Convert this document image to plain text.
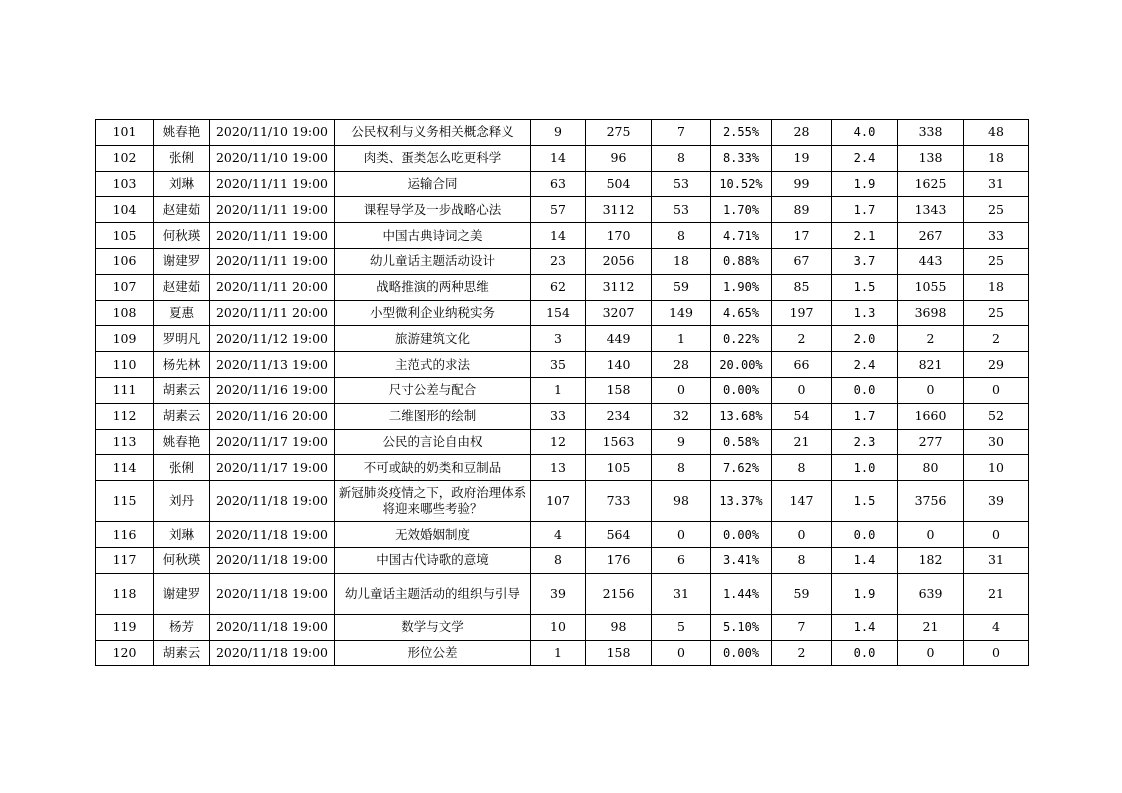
101	姚春艳	2020/11/10 19:00	公民权利与义务相关概念释义	9	275	7	2.55%	28	4.0	338	48
102	张俐	2020/11/10 19:00	肉类、蛋类怎么吃更科学	14	96	8	8.33%	19	2.4	138	18
103	刘琳	2020/11/11 19:00	运输合同	63	504	53	10.52%	99	1.9	1625	31
104	赵建茹	2020/11/11 19:00	课程导学及一步战略心法	57	3112	53	1.70%	89	1.7	1343	25
105	何秋瑛	2020/11/11 19:00	中国古典诗词之美	14	170	8	4.71%	17	2.1	267	33
106	谢建罗	2020/11/11 19:00	幼儿童话主题活动设计	23	2056	18	0.88%	67	3.7	443	25
107	赵建茹	2020/11/11 20:00	战略推演的两种思维	62	3112	59	1.90%	85	1.5	1055	18
108	夏惠	2020/11/11 20:00	小型微利企业纳税实务	154	3207	149	4.65%	197	1.3	3698	25
109	罗明凡	2020/11/12 19:00	旅游建筑文化	3	449	1	0.22%	2	2.0	2	2
110	杨先林	2020/11/13 19:00	主范式的求法	35	140	28	20.00%	66	2.4	821	29
111	胡素云	2020/11/16 19:00	尺寸公差与配合	1	158	0	0.00%	0	0.0	0	0
112	胡素云	2020/11/16 20:00	二维图形的绘制	33	234	32	13.68%	54	1.7	1660	52
113	姚春艳	2020/11/17 19:00	公民的言论自由权	12	1563	9	0.58%	21	2.3	277	30
114	张俐	2020/11/17 19:00	不可或缺的奶类和豆制品	13	105	8	7.62%	8	1.0	80	10
115	刘丹	2020/11/18 19:00	新冠肺炎疫情之下，政府治理体系将迎来哪些考验？	107	733	98	13.37%	147	1.5	3756	39
116	刘琳	2020/11/18 19:00	无效婚姻制度	4	564	0	0.00%	0	0.0	0	0
117	何秋瑛	2020/11/18 19:00	中国古代诗歌的意境	8	176	6	3.41%	8	1.4	182	31
118	谢建罗	2020/11/18 19:00	幼儿童话主题活动的组织与引导	39	2156	31	1.44%	59	1.9	639	21
119	杨芳	2020/11/18 19:00	数学与文学	10	98	5	5.10%	7	1.4	21	4
120	胡素云	2020/11/18 19:00	形位公差	1	158	0	0.00%	2	0.0	0	0
